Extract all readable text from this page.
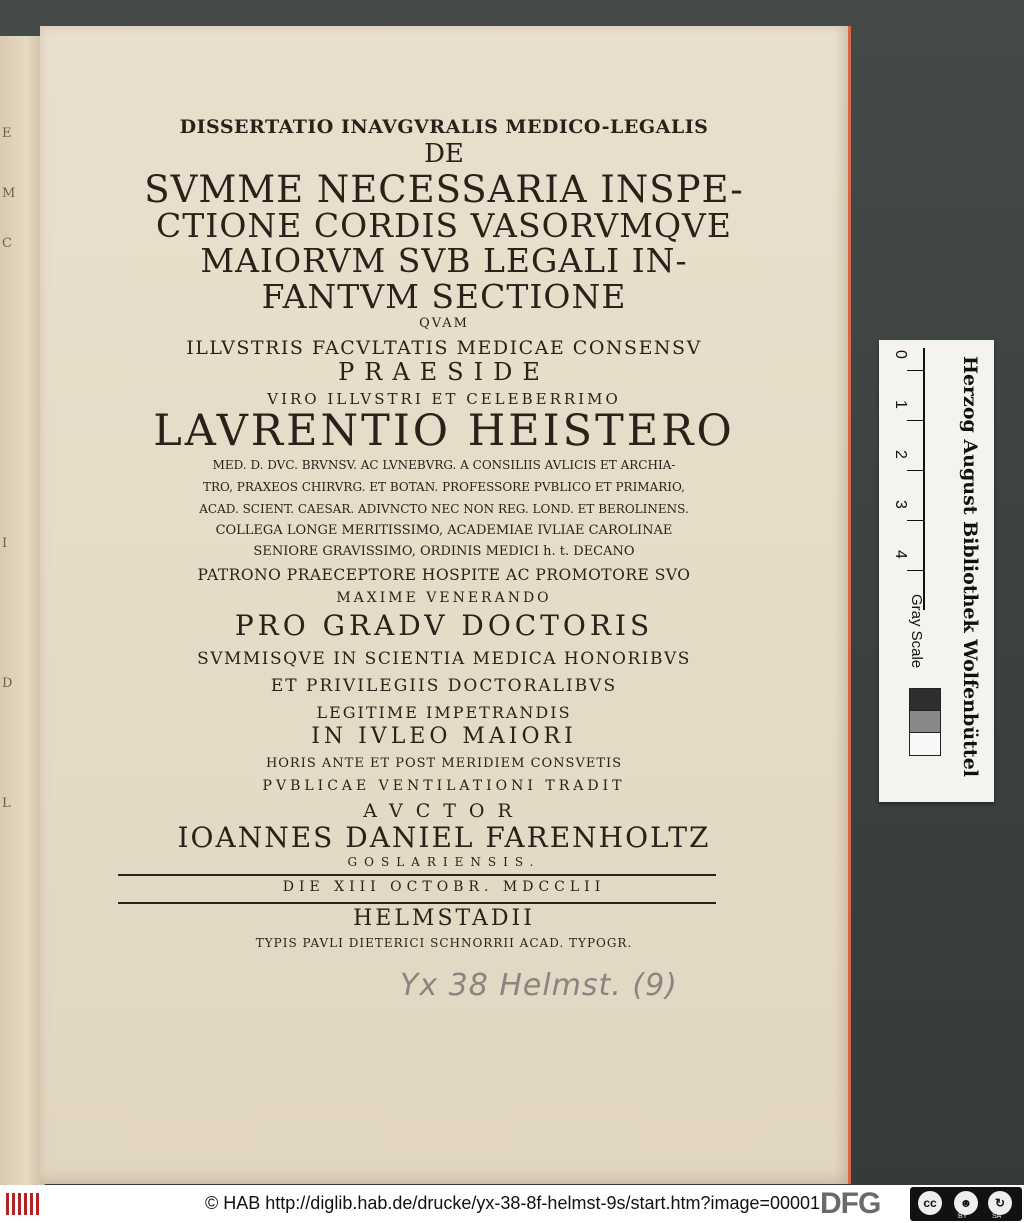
E
M
C
I
D
L
DISSERTATIO INAVGVRALIS MEDICO-LEGALIS
DE
SVMME NECESSARIA INSPE-
CTIONE CORDIS VASORVMQVE
MAIORVM SVB LEGALI IN-
FANTVM SECTIONE
QVAM
ILLVSTRIS FACVLTATIS MEDICAE CONSENSV
PRAESIDE
VIRO ILLVSTRI ET CELEBERRIMO
LAVRENTIO HEISTERO
MED. D. DVC. BRVNSV. AC LVNEBVRG. A CONSILIIS AVLICIS ET ARCHIA-
TRO, PRAXEOS CHIRVRG. ET BOTAN. PROFESSORE PVBLICO ET PRIMARIO,
ACAD. SCIENT. CAESAR. ADIVNCTO NEC NON REG. LOND. ET BEROLINENS.
COLLEGA LONGE MERITISSIMO, ACADEMIAE IVLIAE CAROLINAE
SENIORE GRAVISSIMO, ORDINIS MEDICI h. t. DECANO
PATRONO PRAECEPTORE HOSPITE AC PROMOTORE SVO
MAXIME VENERANDO
PRO GRADV DOCTORIS
SVMMISQVE IN SCIENTIA MEDICA HONORIBVS
ET PRIVILEGIIS DOCTORALIBVS
LEGITIME IMPETRANDIS
IN IVLEO MAIORI
HORIS ANTE ET POST MERIDIEM CONSVETIS
PVBLICAE VENTILATIONI TRADIT
AVCTOR
IOANNES DANIEL FARENHOLTZ
GOSLARIENSIS.
DIE XIII OCTOBR. MDCCLII
HELMSTADII
TYPIS PAVLI DIETERICI SCHNORRII ACAD. TYPOGR.
Yx 38 Helmst. (9)
Herzog August Bibliothek Wolfenbüttel
0
1
2
3
4
Gray Scale
© HAB http://diglib.hab.de/drucke/yx-38-8f-helmst-9s/start.htm?image=00001 DFG	cc	☻	↻
BY	SA
